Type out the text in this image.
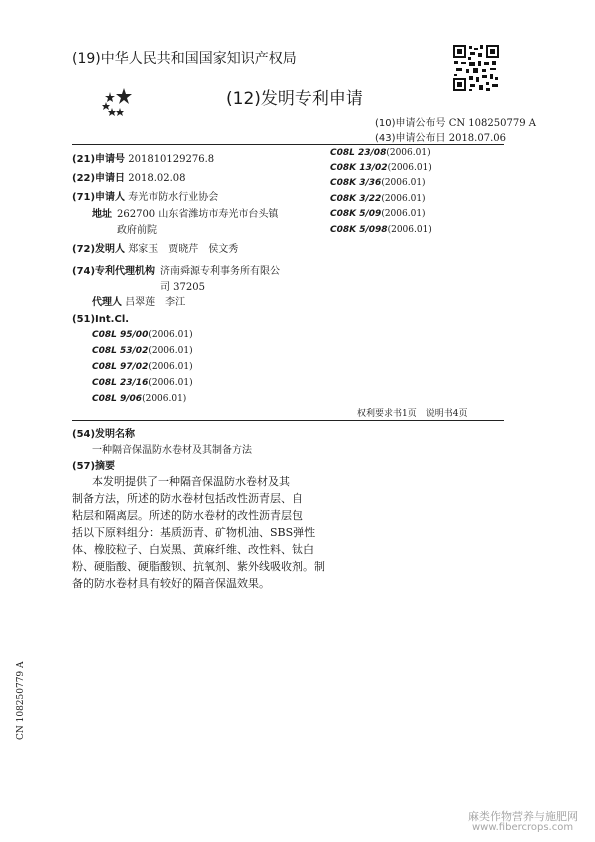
(19)中华人民共和国国家知识产权局
(12)发明专利申请
(10)申请公布号 CN 108250779 A
(43)申请公布日 2018.07.06
(21)申请号 201810129276.8
(22)申请日 2018.02.08
(71)申请人 寿光市防水行业协会
地址 262700 山东省潍坊市寿光市台头镇
政府前院
(72)发明人 郑家玉　贾晓芹　侯文秀
(74)专利代理机构 济南舜源专利事务所有限公
司 37205
代理人 吕翠莲　李江
(51)Int.Cl.
C08L 95/00(2006.01)
C08L 53/02(2006.01)
C08L 97/02(2006.01)
C08L 23/16(2006.01)
C08L 9/06(2006.01)
C08L 23/08(2006.01)
C08K 13/02(2006.01)
C08K 3/36(2006.01)
C08K 3/22(2006.01)
C08K 5/09(2006.01)
C08K 5/098(2006.01)
权利要求书1页　说明书4页
(54)发明名称
一种隔音保温防水卷材及其制备方法
(57)摘要
本发明提供了一种隔音保温防水卷材及其
制备方法，所述的防水卷材包括改性沥青层、自
粘层和隔离层。所述的防水卷材的改性沥青层包
括以下原料组分：基质沥青、矿物机油、SBS弹性
体、橡胶粒子、白炭黑、黄麻纤维、改性料、钛白
粉、硬脂酸、硬脂酸钡、抗氧剂、紫外线吸收剂。制
备的防水卷材具有较好的隔音保温效果。
CN 108250779 A
麻类作物营养与施肥网
www.fibercrops.com
